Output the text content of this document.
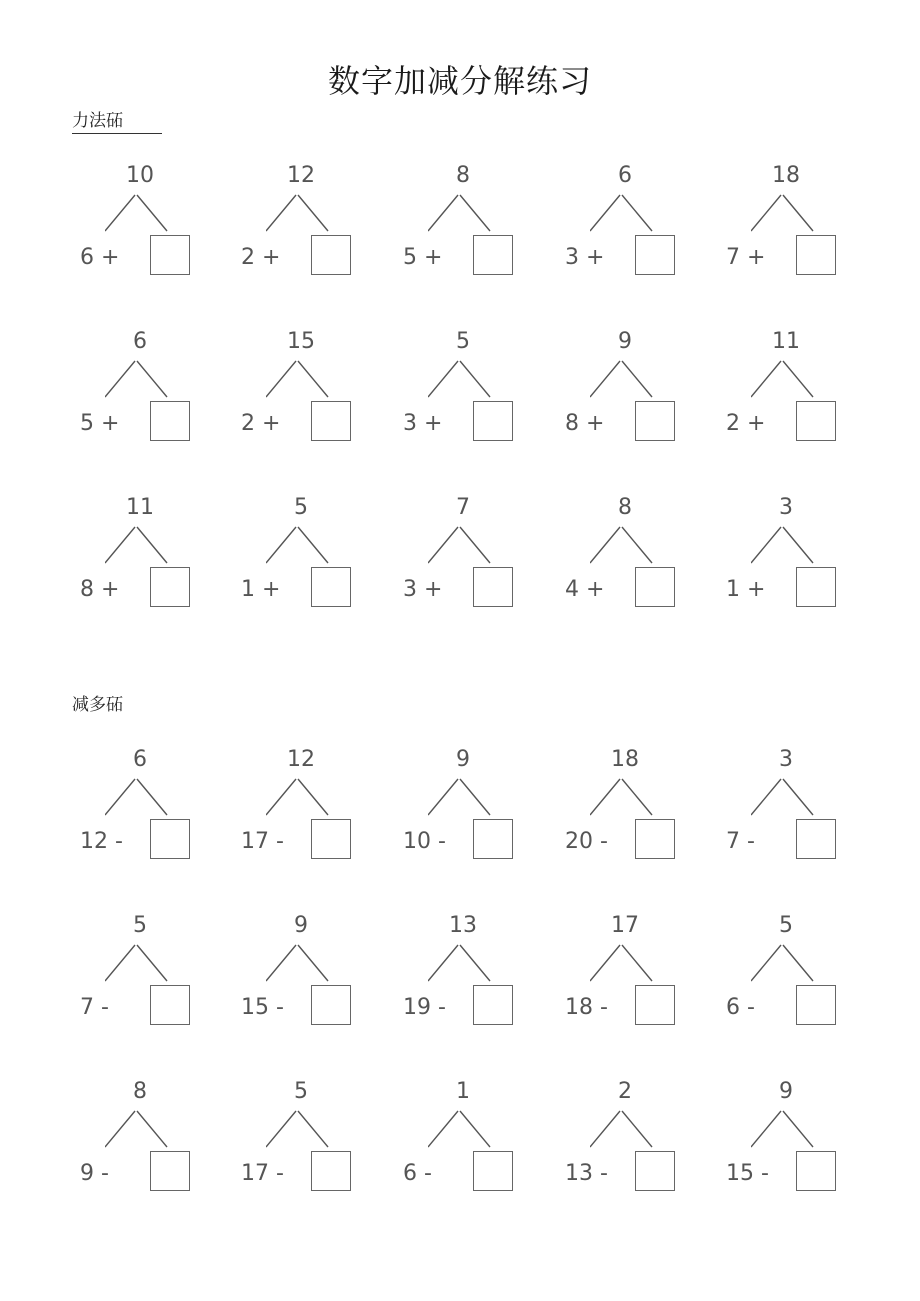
数字加减分解练习
力法砳
10
6 +
12
2 +
8
5 +
6
3 +
18
7 +
6
5 +
15
2 +
5
3 +
9
8 +
11
2 +
11
8 +
5
1 +
7
3 +
8
4 +
3
1 +
减多砳
6
12 -
12
17 -
9
10 -
18
20 -
3
7 -
5
7 -
9
15 -
13
19 -
17
18 -
5
6 -
8
9 -
5
17 -
1
6 -
2
13 -
9
15 -
